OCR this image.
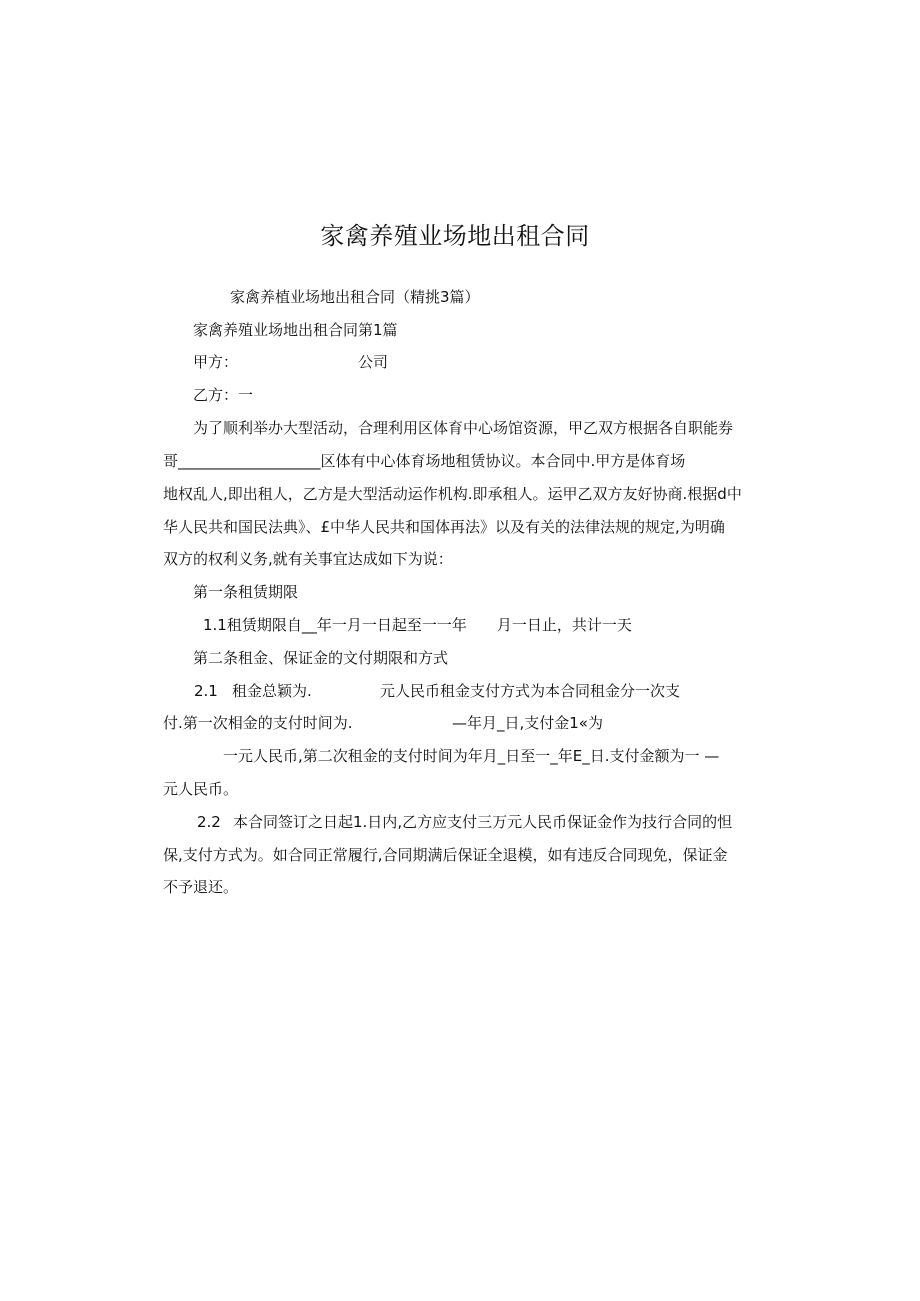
家禽养殖业场地出租合同
家禽养植业场地出租合同（精挑3篇）
家禽养殖业场地出租合同第1篇
甲方：	公司
乙方：一
为了顺利举办大型活动，合理利用区体育中心场馆资源，甲乙双方根据各自职能券
哥___________________区体有中心体育场地租赁协议。本合同中.甲方是体育场
地权乱人,即出租人，乙方是大型活动运作机构.即承租人。运甲乙双方友好协商.根据d中
华人民共和国民法典》、£中华人民共和国体再法》以及有关的法律法规的规定,为明确
双方的权利义务,就有关事宜达成如下为说：
第一条租赁期限
1.1租赁期限自__年一月一日起至一一年　　月一日止，共计一天
第二条租金、保证金的文付期限和方式
2.1 租金总颖为.	元人民币租金支付方式为本合同租金分一次支
付.第一次相金的支付时间为.	—年月_日,支付金1«为
一元人民币,第二次租金的支付时间为年月_日至一_年E_日.支付金额为一 —
元人民币。
2.2 本合同签订之日起1.日内,乙方应支付三万元人民币保证金作为技行合同的怛
保,支付方式为。如合同正常履行,合同期满后保证全退模，如有违反合同现免，保证金
不予退还。
